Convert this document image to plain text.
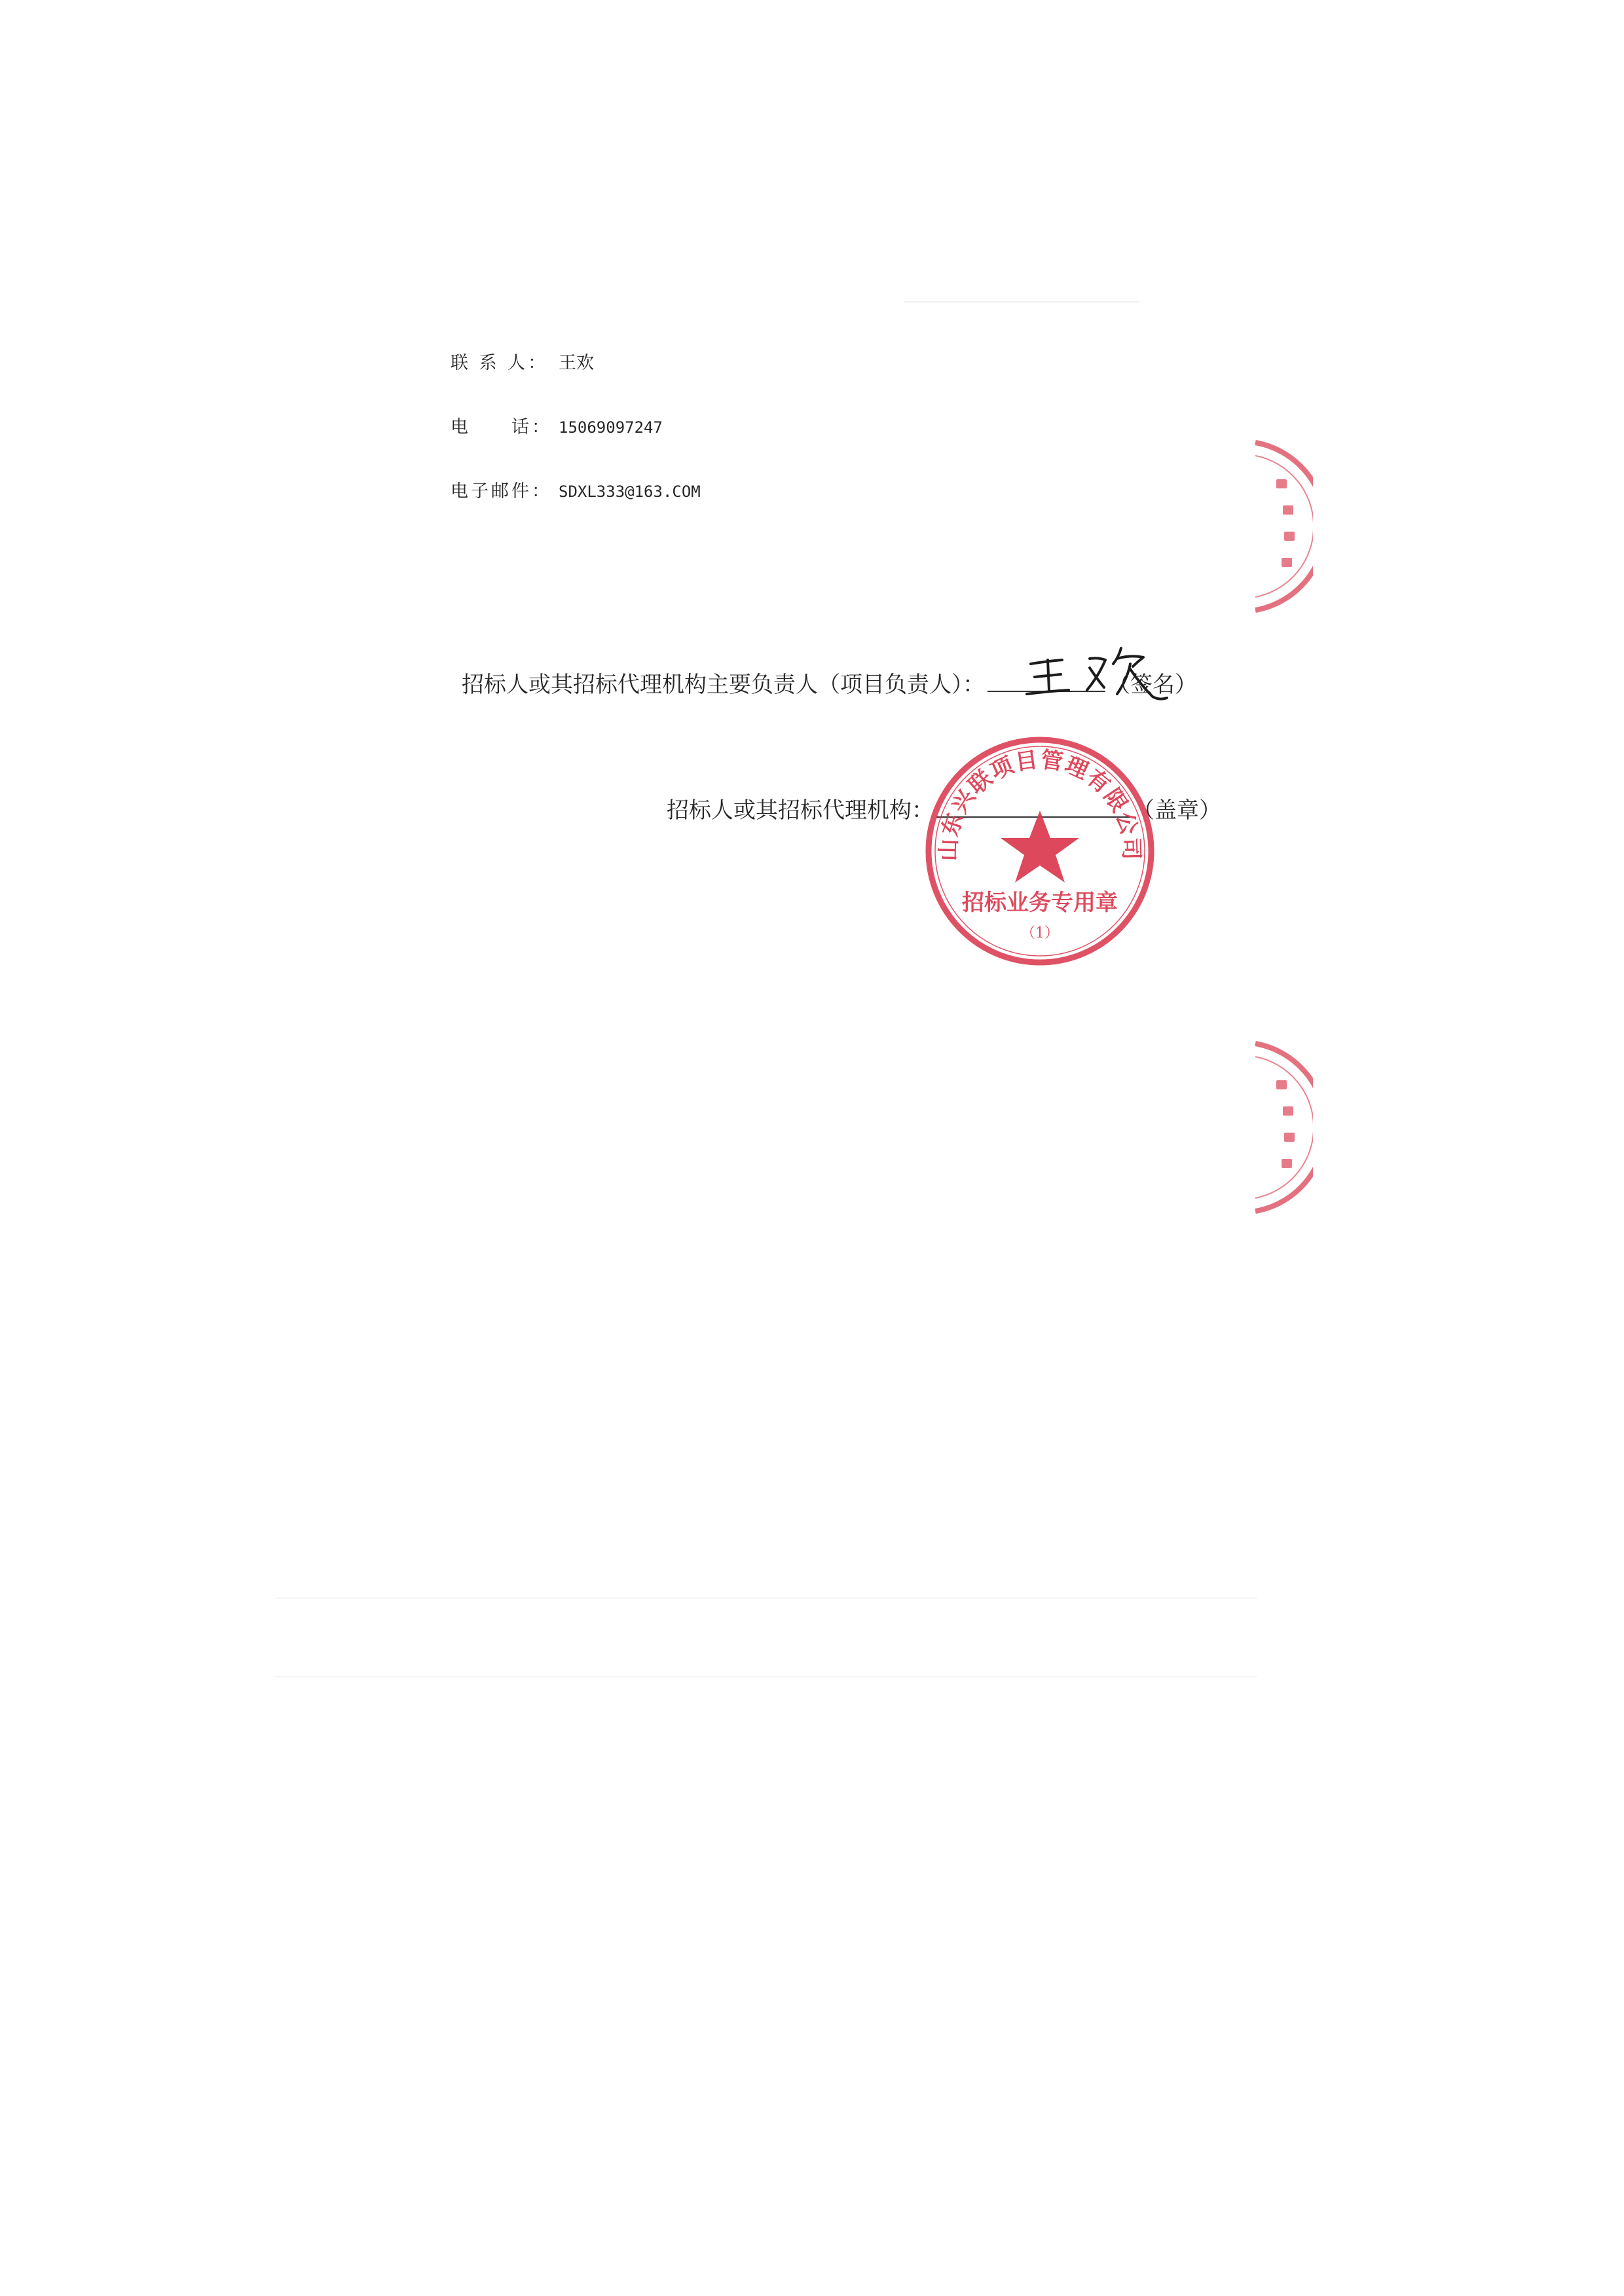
联 系 人： 王欢
电　　话： 15069097247
电子邮件： SDXL333@163.COM
招标人或其招标代理机构主要负责人（项目负责人）：	（签名）
招标人或其招标代理机构：	（盖章）
山东兴联项目管理有限公司
招标业务专用章
（1）
